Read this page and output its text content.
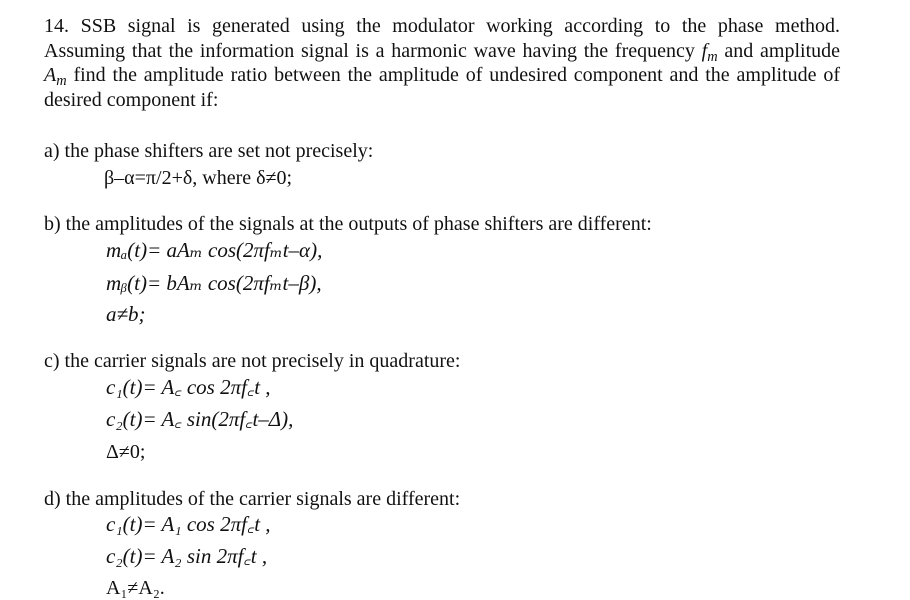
14. SSB signal is generated using the modulator working according to the phase method.
Assuming that the information signal is a harmonic wave having the frequency $f_m$ and amplitude
$A_m$ find the amplitude ratio between the amplitude of undesired component and the amplitude of
desired component if:
a) the phase shifters are set not precisely:
β–α=π/2+δ, where δ≠0;
b) the amplitudes of the signals at the outputs of phase shifters are different:
mₐ(t)= aAₘ cos(2πfₘt–α),
mᵦ(t)= bAₘ cos(2πfₘt–β),
a≠b;
c) the carrier signals are not precisely in quadrature:
c₁(t)= A꜀ cos 2πf꜀t ,
c₂(t)= A꜀ sin(2πf꜀t–Δ),
Δ≠0;
d) the amplitudes of the carrier signals are different:
c₁(t)= A₁ cos 2πf꜀t ,
c₂(t)= A₂ sin 2πf꜀t ,
A₁≠A₂.
